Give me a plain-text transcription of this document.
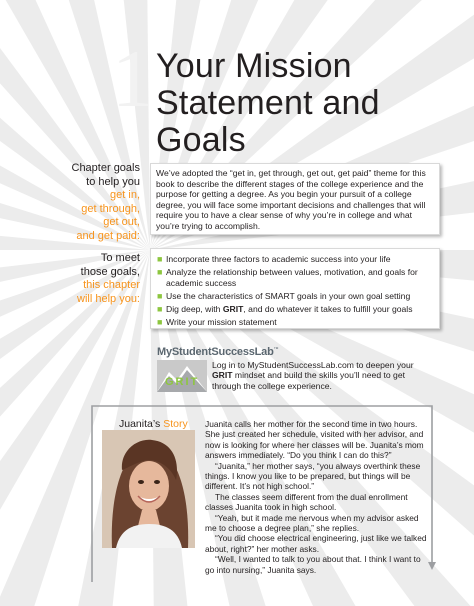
1 Your Mission
Statement and
Goals
Chapter goals
to help you
get in,
get through,
get out,
and get paid:
We’ve adopted the “get in, get through, get out, get paid” theme for this book to describe the different stages of the college experience and the purpose for getting a degree. As you begin your pursuit of a college degree, you will face some important decisions and challenges that will require you to have a clear sense of why you’re in college and what you’re trying to accomplish.
To meet
those goals,
this chapter
will help you:
■ Incorporate three factors to academic success into your life
■ Analyze the relationship between values, motivation, and goals for academic success
■ Use the characteristics of SMART goals in your own goal setting
■ Dig deep, with GRIT, and do whatever it takes to fulfill your goals
■ Write your mission statement
MyStudentSuccessLab™
GRIT
Log in to MyStudentSuccessLab.com to deepen your GRIT mindset and build the skills you’ll need to get through the college experience.
Juanita’s Story Juanita calls her mother for the second time in two hours. She just created her schedule, visited with her advisor, and now is looking for where her classes will be. Juanita’s mom answers immediately. “Do you think I can do this?”

“Juanita,” her mother says, “you always overthink these things. I know you like to be prepared, but things will be different. It’s not high school.”

The classes seem different from the dual enrollment classes Juanita took in high school.

“Yeah, but it made me nervous when my advisor asked me to choose a degree plan,” she replies.

“You did choose electrical engineering, just like we talked about, right?” her mother asks.

“Well, I wanted to talk to you about that. I think I want to go into nursing,” Juanita says.
